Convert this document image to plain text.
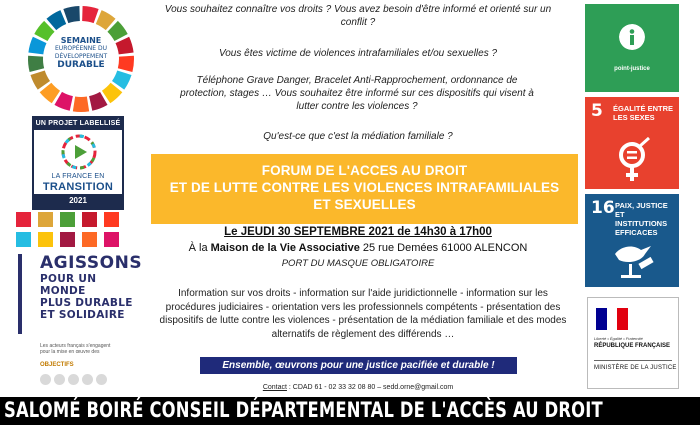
SEMAINE
EUROPÉENNE DU DÉVELOPPEMENT
DURABLE
UN PROJET LABELLISÉ
LA FRANCE EN
TRANSITION
2021
AGISSONS
POUR UN MONDE
PLUS DURABLE
ET SOLIDAIRE
Les acteurs français s'engagent pour la mise en œuvre des
OBJECTIFS
Vous souhaitez connaître vos droits ? Vous avez besoin d'être informé et orienté sur un conflit ?
Vous êtes victime de violences intrafamiliales et/ou sexuelles ?
Téléphone Grave Danger, Bracelet Anti-Rapprochement, ordonnance de protection, stages … Vous souhaitez être informé sur ces dispositifs qui visent à lutter contre les violences ?
Qu'est-ce que c'est la médiation familiale ?
FORUM DE L'ACCES AU DROIT
ET DE LUTTE CONTRE LES VIOLENCES INTRAFAMILIALES
ET SEXUELLES
Le JEUDI 30 SEPTEMBRE 2021 de 14h30 à 17h00
À la Maison de la Vie Associative 25 rue Demées 61000 ALENCON
PORT DU MASQUE OBLIGATOIRE
Information sur vos droits - information sur l'aide juridictionnelle - information sur les procédures judiciaires - orientation vers les professionnels compétents - présentation des dispositifs de lutte contre les violences - présentation de la médiation familiale et des modes alternatifs de règlement des différends …
Ensemble, œuvrons pour une justice pacifiée et durable !
Contact : CDAD 61 - 02 33 32 08 80 – sedd.orne@gmail.com
point-justice
5 ÉGALITÉ ENTRE LES SEXES
16 PAIX, JUSTICE ET INSTITUTIONS EFFICACES
Liberté • Égalité • Fraternité
RÉPUBLIQUE FRANÇAISE
MINISTÈRE DE LA JUSTICE
SALOMÉ BOIRÉ CONSEIL DÉPARTEMENTAL DE L'ACCÈS AU DROIT
